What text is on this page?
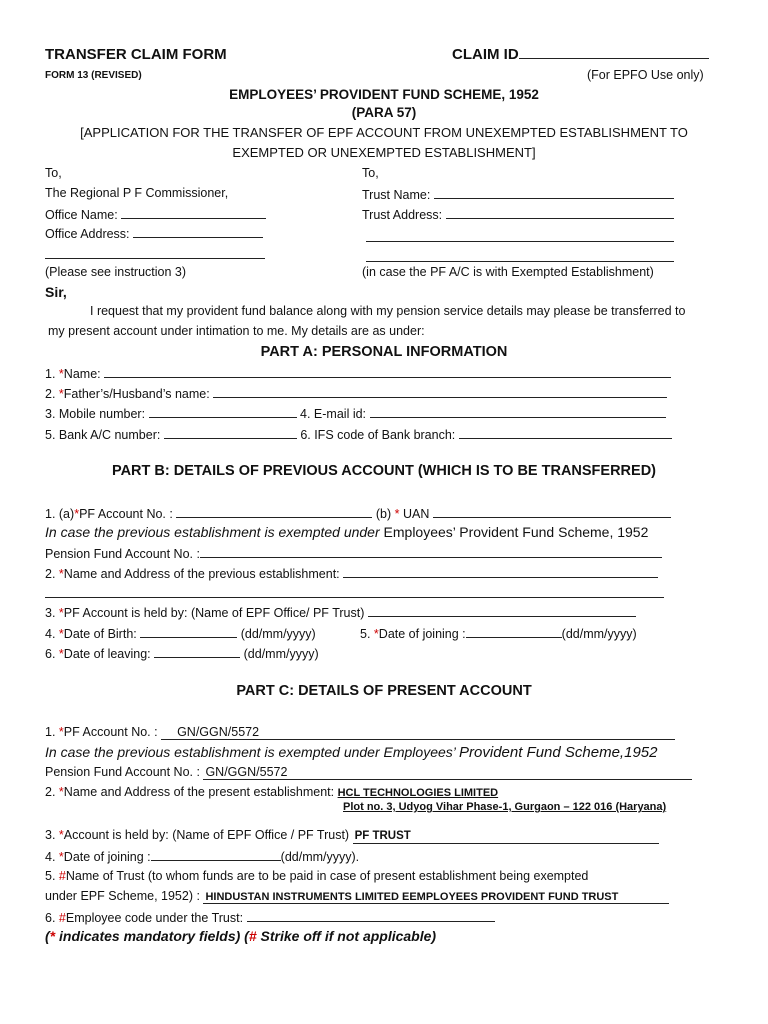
TRANSFER CLAIM FORM	CLAIM ID
FORM 13 (REVISED)	(For EPFO Use only)
EMPLOYEES’ PROVIDENT FUND SCHEME, 1952
(PARA 57)
[APPLICATION FOR THE TRANSFER OF EPF ACCOUNT FROM UNEXEMPTED ESTABLISHMENT TO
EXEMPTED OR UNEXEMPTED ESTABLISHMENT]
To,
The Regional P F Commissioner,
Office Name:
Office Address:
(Please see instruction 3)
To,
Trust Name:
Trust Address:
(in case the PF A/C is with Exempted Establishment)
Sir,
I request that my provident fund balance along with my pension service details may please be transferred to
my present account under intimation to me. My details are as under:
PART A: PERSONAL INFORMATION
1. *Name:
2. *Father’s/Husband’s name:
3. Mobile number:	4. E-mail id:
5. Bank A/C number:	6. IFS code of Bank branch:
PART B: DETAILS OF PREVIOUS ACCOUNT (WHICH IS TO BE TRANSFERRED)
1. (a)*PF Account No. :	(b) * UAN
In case the previous establishment is exempted under Employees’ Provident Fund Scheme, 1952
Pension Fund Account No. :
2. *Name and Address of the previous establishment:
3. *PF Account is held by: (Name of EPF Office/ PF Trust)
4. *Date of Birth:	(dd/mm/yyyy)	5. *Date of joining :	(dd/mm/yyyy)
6. *Date of leaving:	(dd/mm/yyyy)
PART C: DETAILS OF PRESENT ACCOUNT
1. *PF Account No. : GN/GGN/5572
In case the previous establishment is exempted under Employees’ Provident Fund Scheme,1952
Pension Fund Account No. : GN/GGN/5572
2. *Name and Address of the present establishment: HCL TECHNOLOGIES LIMITED
Plot no. 3, Udyog Vihar Phase-1, Gurgaon – 122 016 (Haryana)
3. *Account is held by: (Name of EPF Office / PF Trust) PF TRUST
4. *Date of joining :	(dd/mm/yyyy).
5. #Name of Trust (to whom funds are to be paid in case of present establishment being exempted
under EPF Scheme, 1952) : HINDUSTAN INSTRUMENTS LIMITED EEMPLOYEES PROVIDENT FUND TRUST
6. #Employee code under the Trust:
(* indicates mandatory fields) (# Strike off if not applicable)
